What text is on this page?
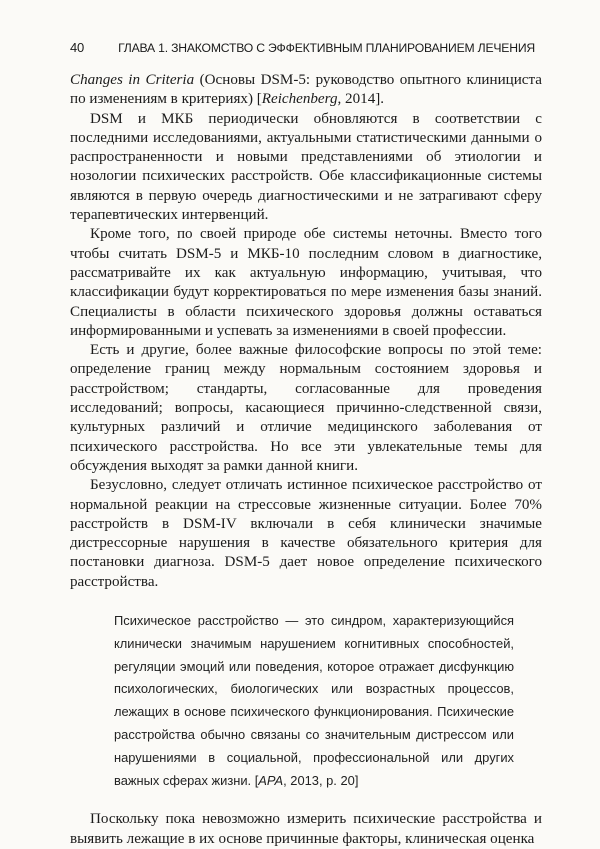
40	ГЛАВА 1. ЗНАКОМСТВО С ЭФФЕКТИВНЫМ ПЛАНИРОВАНИЕМ ЛЕЧЕНИЯ

Changes in Criteria (Основы DSM-5: руководство опытного клинициста по изменениям в критериях) [Reichenberg, 2014].

DSM и МКБ периодически обновляются в соответствии с последними исследованиями, актуальными статистическими данными о распространенности и новыми представлениями об этиологии и нозологии психических расстройств. Обе классификационные системы являются в первую очередь диагностическими и не затрагивают сферу терапевтических интервенций.

Кроме того, по своей природе обе системы неточны. Вместо того чтобы считать DSM-5 и МКБ-10 последним словом в диагностике, рассматривайте их как актуальную информацию, учитывая, что классификации будут корректироваться по мере изменения базы знаний. Специалисты в области психического здоровья должны оставаться информированными и успевать за изменениями в своей профессии.

Есть и другие, более важные философские вопросы по этой теме: определение границ между нормальным состоянием здоровья и расстройством; стандарты, согласованные для проведения исследований; вопросы, касающиеся причинно-следственной связи, культурных различий и отличие медицинского заболевания от психического расстройства. Но все эти увлекательные темы для обсуждения выходят за рамки данной книги.

Безусловно, следует отличать истинное психическое расстройство от нормальной реакции на стрессовые жизненные ситуации. Более 70% расстройств в DSM-IV включали в себя клинически значимые дистрессорные нарушения в качестве обязательного критерия для постановки диагноза. DSM-5 дает новое определение психического расстройства.

Психическое расстройство — это синдром, характеризующийся клинически значимым нарушением когнитивных способностей, регуляции эмоций или поведения, которое отражает дисфункцию психологических, биологических или возрастных процессов, лежащих в основе психического функционирования. Психические расстройства обычно связаны со значительным дистрессом или нарушениями в социальной, профессиональной или других важных сферах жизни. [APA, 2013, p. 20]

Поскольку пока невозможно измерить психические расстройства и выявить лежащие в их основе причинные факторы, клиническая оценка
